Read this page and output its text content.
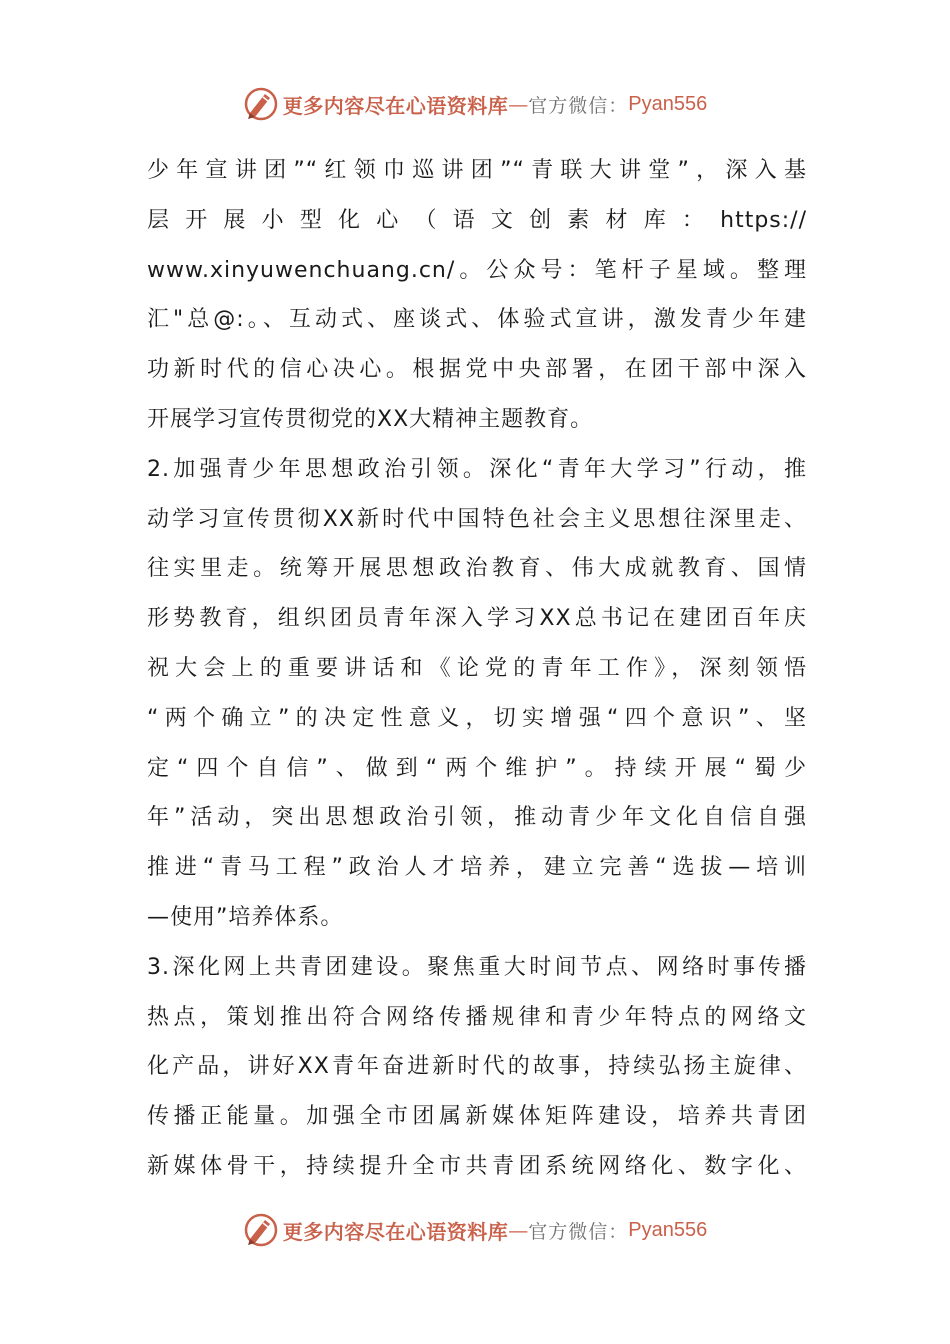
更多内容尽在心语资料库 — 官方微信： Pyan556
少年宣讲团”“红领巾巡讲团”“青联大讲堂”，深入基
层开展小型化心（语文创素材库：https://
www.xinyuwenchuang.cn/。公众号：笔杆子星域。整理
汇"总@:。、互动式、座谈式、体验式宣讲，激发青少年建
功新时代的信心决心。根据党中央部署，在团干部中深入
开展学习宣传贯彻党的XX大精神主题教育。
2.加强青少年思想政治引领。深化“青年大学习”行动，推
动学习宣传贯彻XX新时代中国特色社会主义思想往深里走、
往实里走。统筹开展思想政治教育、伟大成就教育、国情
形势教育，组织团员青年深入学习XX总书记在建团百年庆
祝大会上的重要讲话和《论党的青年工作》，深刻领悟
“两个确立”的决定性意义，切实增强“四个意识”、坚
定“四个自信”、做到“两个维护”。持续开展“蜀少
年”活动，突出思想政治引领，推动青少年文化自信自强
推进“青马工程”政治人才培养，建立完善“选拔—培训
—使用”培养体系。
3.深化网上共青团建设。聚焦重大时间节点、网络时事传播
热点，策划推出符合网络传播规律和青少年特点的网络文
化产品，讲好XX青年奋进新时代的故事，持续弘扬主旋律、
传播正能量。加强全市团属新媒体矩阵建设，培养共青团
新媒体骨干，持续提升全市共青团系统网络化、数字化、
更多内容尽在心语资料库 — 官方微信： Pyan556
